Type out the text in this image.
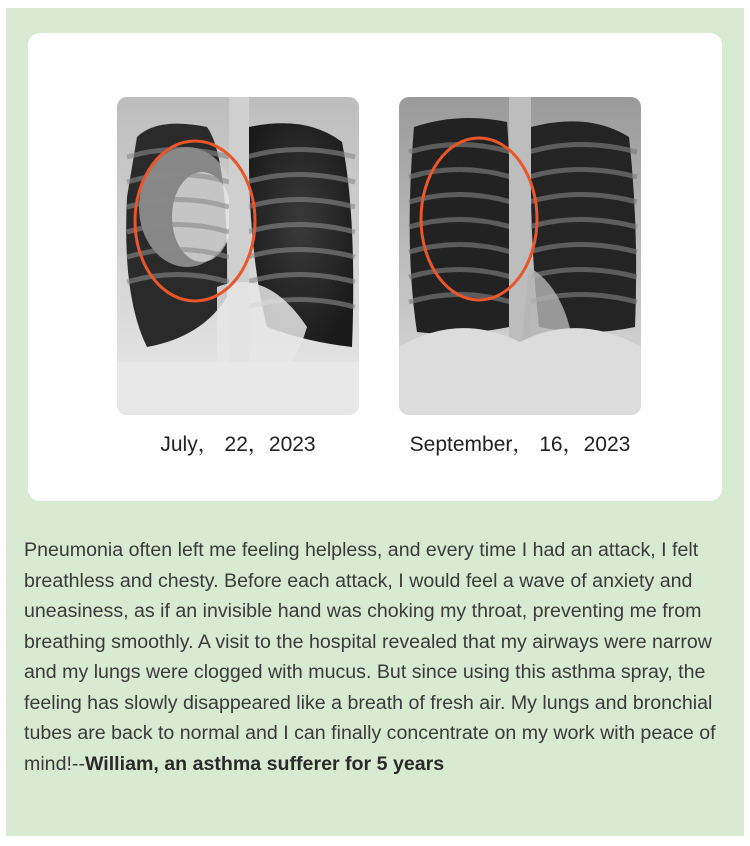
July， 22，2023	September， 16，2023
Pneumonia often left me feeling helpless, and every time I had an attack, I felt breathless and chesty. Before each attack, I would feel a wave of anxiety and uneasiness, as if an invisible hand was choking my throat, preventing me from breathing smoothly. A visit to the hospital revealed that my airways were narrow and my lungs were clogged with mucus. But since using this asthma spray, the feeling has slowly disappeared like a breath of fresh air. My lungs and bronchial tubes are back to normal and I can finally concentrate on my work with peace of mind!--William, an asthma sufferer for 5 years
